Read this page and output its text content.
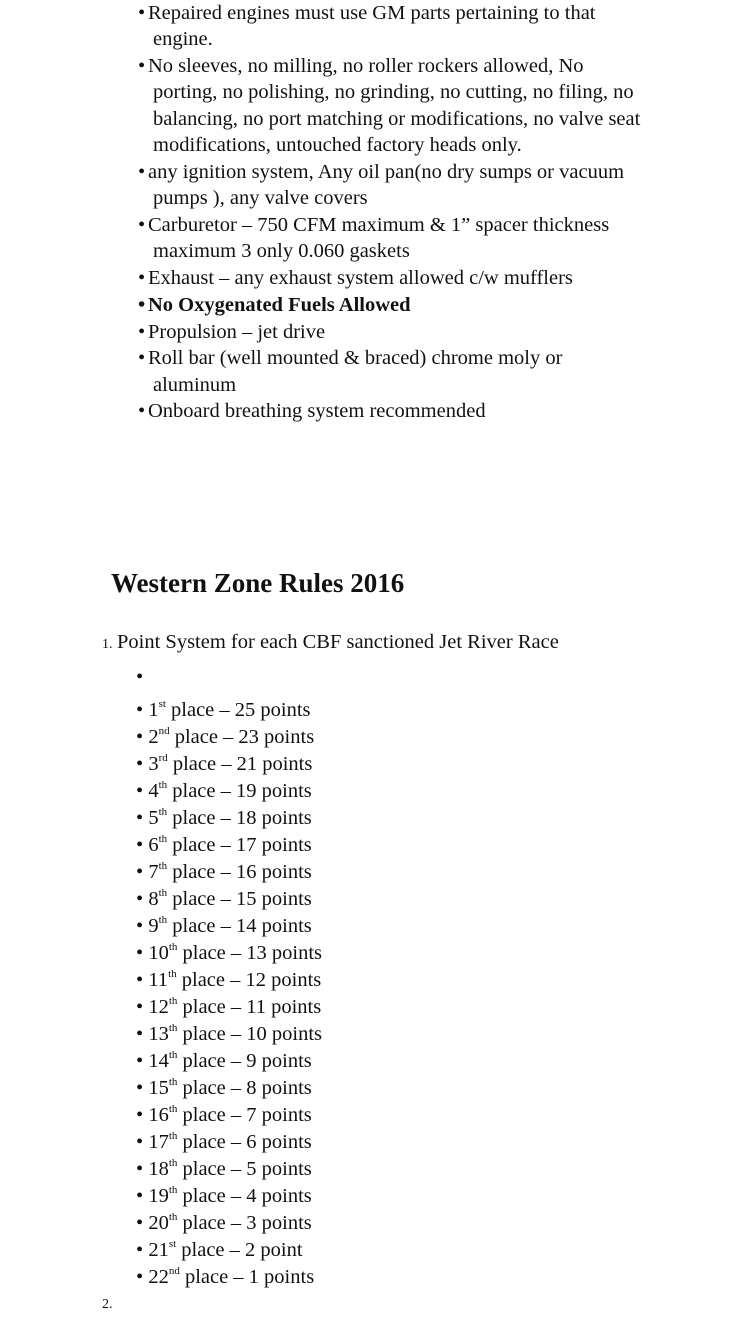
• Repaired engines must use GM parts pertaining to that engine.
• No sleeves, no milling, no roller rockers allowed, No porting, no polishing, no grinding, no cutting, no filing, no balancing, no port matching or modifications, no valve seat modifications, untouched factory heads only.
• any ignition system, Any oil pan(no dry sumps or vacuum pumps ), any valve covers
• Carburetor – 750 CFM maximum & 1” spacer thickness maximum 3 only 0.060 gaskets
• Exhaust – any exhaust system allowed c/w mufflers
• No Oxygenated Fuels Allowed
• Propulsion – jet drive
• Roll bar (well mounted & braced) chrome moly or aluminum
• Onboard breathing system recommended
Western Zone Rules 2016
1. Point System for each CBF sanctioned Jet River Race
•
• 1st place – 25 points
• 2nd place – 23 points
• 3rd place – 21 points
• 4th place – 19 points
• 5th place – 18 points
• 6th place – 17 points
• 7th place – 16 points
• 8th place – 15 points
• 9th place – 14 points
• 10th place – 13 points
• 11th place – 12 points
• 12th place – 11 points
• 13th place – 10 points
• 14th place – 9 points
• 15th place – 8 points
• 16th place – 7 points
• 17th place – 6 points
• 18th place – 5 points
• 19th place – 4 points
• 20th place – 3 points
• 21st place – 2 point
• 22nd place – 1 points
2.
